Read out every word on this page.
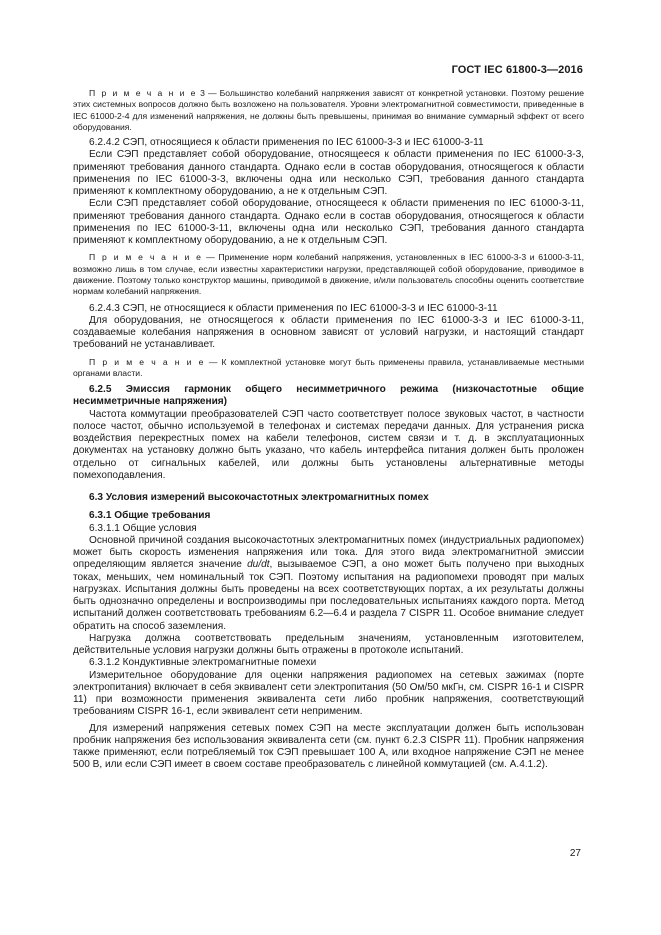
ГОСТ IEC 61800-3—2016

П р и м е ч а н и е 3 — Большинство колебаний напряжения зависят от конкретной установки. Поэтому решение этих системных вопросов должно быть возложено на пользователя. Уровни электромагнитной совместимости, приведенные в IEC 61000-2-4 для изменений напряжения, не должны быть превышены, принимая во внимание суммарный эффект от всего оборудования.

6.2.4.2 СЭП, относящиеся к области применения по IEC 61000-3-3 и IEC 61000-3-11

Если СЭП представляет собой оборудование, относящееся к области применения по IEC 61000-3-3, применяют требования данного стандарта. Однако если в состав оборудования, относящегося к области применения по IEC 61000-3-3, включены одна или несколько СЭП, требования данного стандарта применяют к комплектному оборудованию, а не к отдельным СЭП.

Если СЭП представляет собой оборудование, относящееся к области применения по IEC 61000-3-11, применяют требования данного стандарта. Однако если в состав оборудования, относящегося к области применения по IEC 61000-3-11, включены одна или несколько СЭП, требования данного стандарта применяют к комплектному оборудованию, а не к отдельным СЭП.

П р и м е ч а н и е — Применение норм колебаний напряжения, установленных в IEC 61000-3-3 и 61000-3-11, возможно лишь в том случае, если известны характеристики нагрузки, представляющей собой оборудование, приводимое в движение. Поэтому только конструктор машины, приводимой в движение, и/или пользователь способны оценить соответствие нормам колебаний напряжения.

6.2.4.3 СЭП, не относящиеся к области применения по IEC 61000-3-3 и IEC 61000-3-11

Для оборудования, не относящегося к области применения по IEC 61000-3-3 и IEC 61000-3-11, создаваемые колебания напряжения в основном зависят от условий нагрузки, и настоящий стандарт требований не устанавливает.

П р и м е ч а н и е — К комплектной установке могут быть применены правила, устанавливаемые местными органами власти.

6.2.5 Эмиссия гармоник общего несимметричного режима (низкочастотные общие несимметричные напряжения)

Частота коммутации преобразователей СЭП часто соответствует полосе звуковых частот, в частности полосе частот, обычно используемой в телефонах и системах передачи данных. Для устранения риска воздействия перекрестных помех на кабели телефонов, систем связи и т. д. в эксплуатационных документах на установку должно быть указано, что кабель интерфейса питания должен быть проложен отдельно от сигнальных кабелей, или должны быть установлены альтернативные методы помехоподавления.

6.3 Условия измерений высокочастотных электромагнитных помех

6.3.1 Общие требования

6.3.1.1 Общие условия

Основной причиной создания высокочастотных электромагнитных помех (индустриальных радиопомех) может быть скорость изменения напряжения или тока. Для этого вида электромагнитной эмиссии определяющим является значение du/dt, вызываемое СЭП, а оно может быть получено при выходных токах, меньших, чем номинальный ток СЭП. Поэтому испытания на радиопомехи проводят при малых нагрузках. Испытания должны быть проведены на всех соответствующих портах, а их результаты должны быть однозначно определены и воспроизводимы при последовательных испытаниях каждого порта. Метод испытаний должен соответствовать требованиям 6.2—6.4 и раздела 7 CISPR 11. Особое внимание следует обратить на способ заземления.

Нагрузка должна соответствовать предельным значениям, установленным изготовителем, действительные условия нагрузки должны быть отражены в протоколе испытаний.

6.3.1.2 Кондуктивные электромагнитные помехи

Измерительное оборудование для оценки напряжения радиопомех на сетевых зажимах (порте электропитания) включает в себя эквивалент сети электропитания (50 Ом/50 мкГн, см. CISPR 16-1 и CISPR 11) при возможности применения эквивалента сети либо пробник напряжения, соответствующий требованиям CISPR 16-1, если эквивалент сети неприменим.

Для измерений напряжения сетевых помех СЭП на месте эксплуатации должен быть использован пробник напряжения без использования эквивалента сети (см. пункт 6.2.3 CISPR 11). Пробник напряжения также применяют, если потребляемый ток СЭП превышает 100 А, или входное напряжение СЭП не менее 500 В, или если СЭП имеет в своем составе преобразователь с линейной коммутацией (см. А.4.1.2).

27
